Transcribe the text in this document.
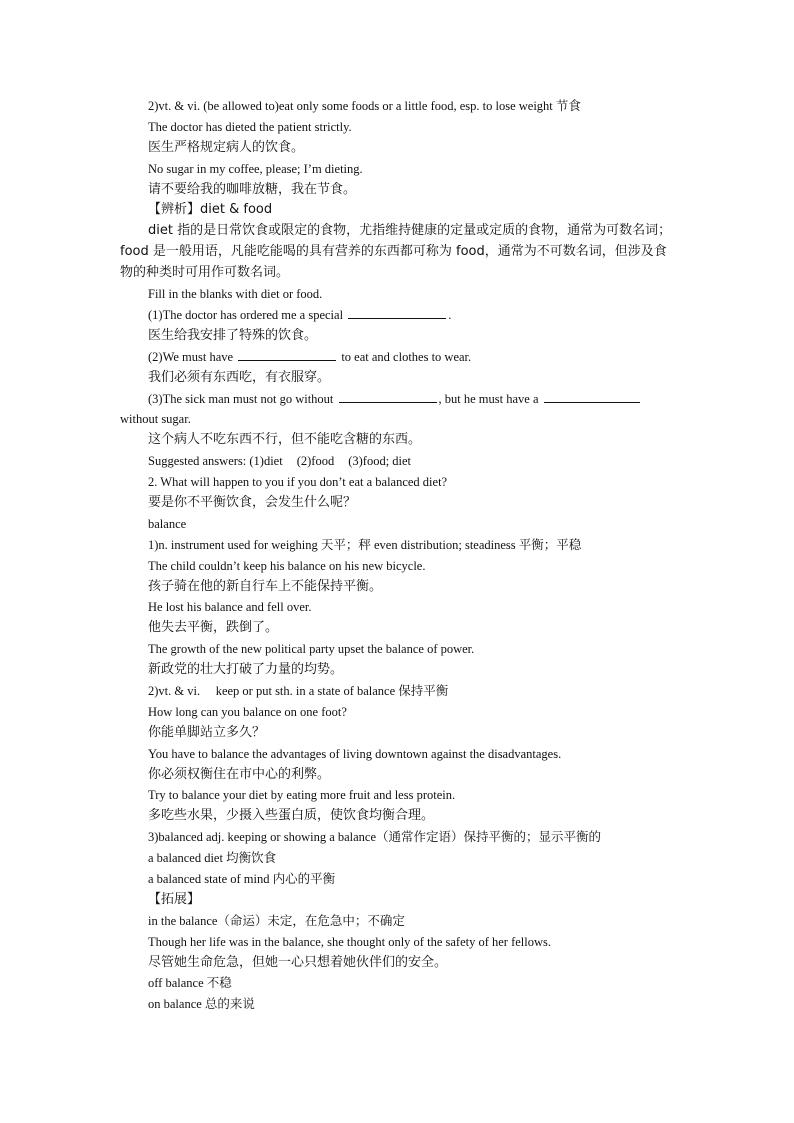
2)vt. & vi. (be allowed to)eat only some foods or a little food, esp. to lose weight 节食
The doctor has dieted the patient strictly.
医生严格规定病人的饮食。
No sugar in my coffee, please; I’m dieting.
请不要给我的咖啡放糖，我在节食。
【辨析】diet & food
diet 指的是日常饮食或限定的食物，尤指维持健康的定量或定质的食物，通常为可数名词；food 是一般用语，凡能吃能喝的具有营养的东西都可称为 food，通常为不可数名词，但涉及食物的种类时可用作可数名词。
Fill in the blanks with diet or food.
(1)The doctor has ordered me a special	.
医生给我安排了特殊的饮食。
(2)We must have	to eat and clothes to wear.
我们必须有东西吃，有衣服穿。
(3)The sick man must not go without	, but he must have a
without sugar.
这个病人不吃东西不行，但不能吃含糖的东西。
Suggested answers: (1)diet (2)food (3)food; diet
2. What will happen to you if you don’t eat a balanced diet?
要是你不平衡饮食，会发生什么呢？
balance
1)n. instrument used for weighing 天平；秤 even distribution; steadiness 平衡；平稳
The child couldn’t keep his balance on his new bicycle.
孩子骑在他的新自行车上不能保持平衡。
He lost his balance and fell over.
他失去平衡，跌倒了。
The growth of the new political party upset the balance of power.
新政党的壮大打破了力量的均势。
2)vt. & vi.     keep or put sth. in a state of balance 保持平衡
How long can you balance on one foot?
你能单脚站立多久？
You have to balance the advantages of living downtown against the disadvantages.
你必须权衡住在市中心的利弊。
Try to balance your diet by eating more fruit and less protein.
多吃些水果，少摄入些蛋白质，使饮食均衡合理。
3)balanced adj. keeping or showing a balance（通常作定语）保持平衡的；显示平衡的
a balanced diet 均衡饮食
a balanced state of mind 内心的平衡
【拓展】
in the balance（命运）未定，在危急中；不确定
Though her life was in the balance, she thought only of the safety of her fellows.
尽管她生命危急，但她一心只想着她伙伴们的安全。
off balance 不稳
on balance 总的来说
